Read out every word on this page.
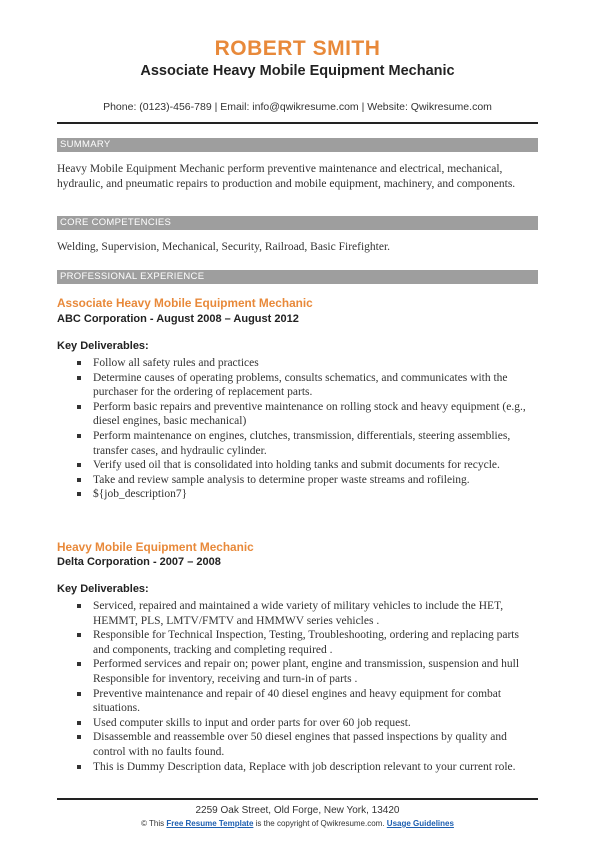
ROBERT SMITH
Associate Heavy Mobile Equipment Mechanic
Phone: (0123)-456-789 | Email: info@qwikresume.com | Website: Qwikresume.com
SUMMARY
Heavy Mobile Equipment Mechanic perform preventive maintenance and electrical, mechanical, hydraulic, and pneumatic repairs to production and mobile equipment, machinery, and components.
CORE COMPETENCIES
Welding, Supervision, Mechanical, Security, Railroad, Basic Firefighter.
PROFESSIONAL EXPERIENCE
Associate Heavy Mobile Equipment Mechanic
ABC Corporation - August 2008 – August 2012
Key Deliverables:
Follow all safety rules and practices
Determine causes of operating problems, consults schematics, and communicates with the purchaser for the ordering of replacement parts.
Perform basic repairs and preventive maintenance on rolling stock and heavy equipment (e.g., diesel engines, basic mechanical)
Perform maintenance on engines, clutches, transmission, differentials, steering assemblies, transfer cases, and hydraulic cylinder.
Verify used oil that is consolidated into holding tanks and submit documents for recycle.
Take and review sample analysis to determine proper waste streams and rofileing.
${job_description7}
Heavy Mobile Equipment Mechanic
Delta Corporation - 2007 – 2008
Key Deliverables:
Serviced, repaired and maintained a wide variety of military vehicles to include the HET, HEMMT, PLS, LMTV/FMTV and HMMWV series vehicles .
Responsible for Technical Inspection, Testing, Troubleshooting, ordering and replacing parts and components, tracking and completing required .
Performed services and repair on; power plant, engine and transmission, suspension and hull Responsible for inventory, receiving and turn-in of parts .
Preventive maintenance and repair of 40 diesel engines and heavy equipment for combat situations.
Used computer skills to input and order parts for over 60 job request.
Disassemble and reassemble over 50 diesel engines that passed inspections by quality and control with no faults found.
This is Dummy Description data, Replace with job description relevant to your current role.
2259 Oak Street, Old Forge, New York, 13420
© This Free Resume Template is the copyright of Qwikresume.com. Usage Guidelines
